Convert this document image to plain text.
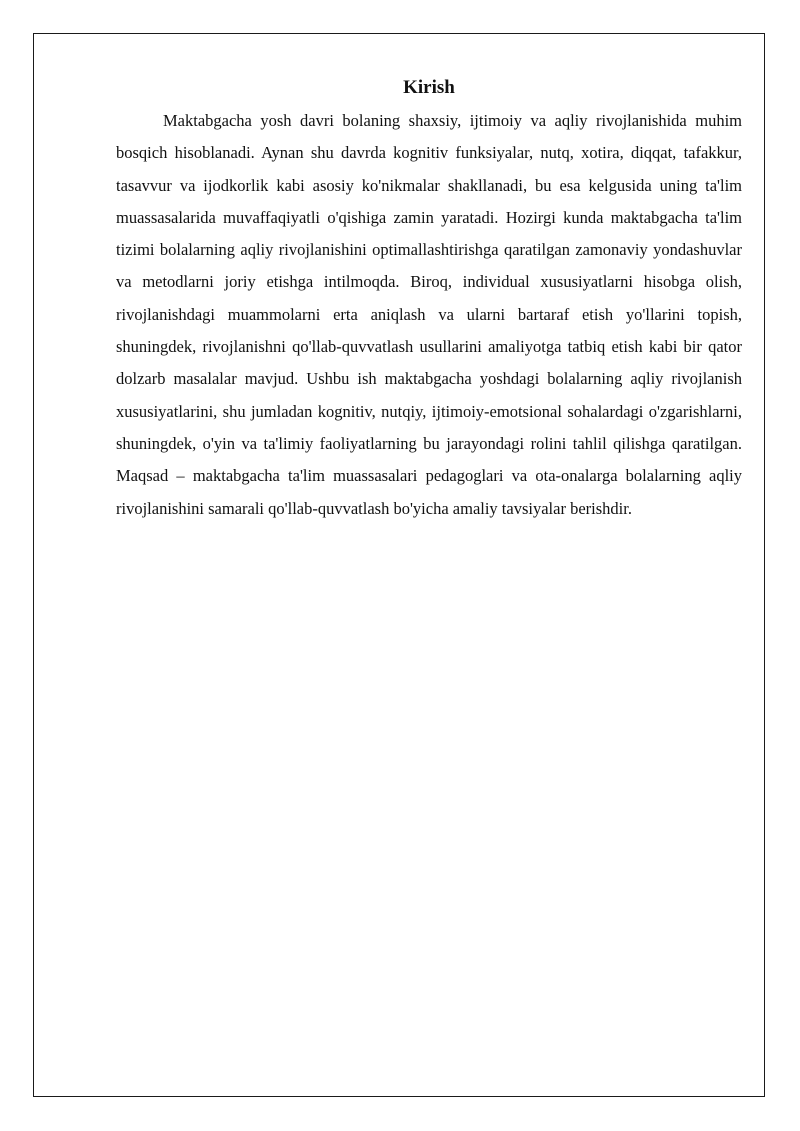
Kirish

Maktabgacha yosh davri bolaning shaxsiy, ijtimoiy va aqliy rivojlanishida muhim bosqich hisoblanadi. Aynan shu davrda kognitiv funksiyalar, nutq, xotira, diqqat, tafakkur, tasavvur va ijodkorlik kabi asosiy ko'nikmalar shakllanadi, bu esa kelgusida uning ta'lim muassasalarida muvaffaqiyatli o'qishiga zamin yaratadi. Hozirgi kunda maktabgacha ta'lim tizimi bolalarning aqliy rivojlanishini optimallashtirishga qaratilgan zamonaviy yondashuvlar va metodlarni joriy etishga intilmoqda. Biroq, individual xususiyatlarni hisobga olish, rivojlanishdagi muammolarni erta aniqlash va ularni bartaraf etish yo'llarini topish, shuningdek, rivojlanishni qo'llab-quvvatlash usullarini amaliyotga tatbiq etish kabi bir qator dolzarb masalalar mavjud. Ushbu ish maktabgacha yoshdagi bolalarning aqliy rivojlanish xususiyatlarini, shu jumladan kognitiv, nutqiy, ijtimoiy-emotsional sohalardagi o'zgarishlarni, shuningdek, o'yin va ta'limiy faoliyatlarning bu jarayondagi rolini tahlil qilishga qaratilgan. Maqsad – maktabgacha ta'lim muassasalari pedagoglari va ota-onalarga bolalarning aqliy rivojlanishini samarali qo'llab-quvvatlash bo'yicha amaliy tavsiyalar berishdir.
